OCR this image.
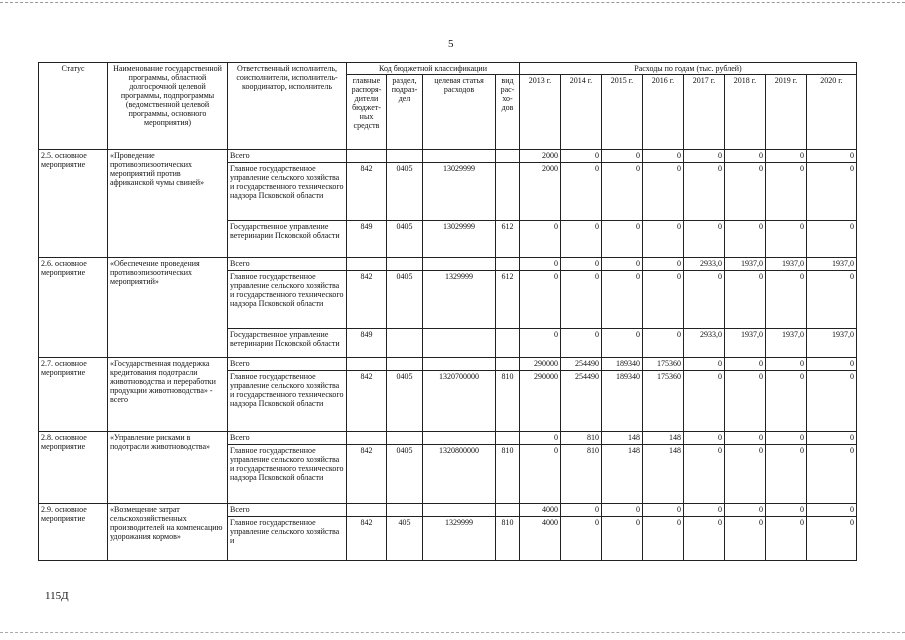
5
Статус	Наименование государственной программы, областной долгосрочной целевой программы, подпрограммы (ведомственной целевой программы, основного мероприятия)	Ответственный исполнитель, соисполнители, исполнитель-координатор, исполнитель	Код бюджетной классификации				Расходы по годам (тыс. рублей)							
			главные распоря-дители бюджет-ных средств	раздел, подраз-дел	целевая статья расходов	вид рас-хо-дов	2013 г.	2014 г.	2015 г.	2016 г.	2017 г.	2018 г.	2019 г.	2020 г.
2.5. основное мероприятие	«Проведение противоэпизоотических мероприятий против африканской чумы свиней»	Всего					2000	0	0	0	0	0	0	0
		Главное государственное управление сельского хозяйства и государственного технического надзора Псковской области	842	0405	13029999		2000	0	0	0	0	0	0	0
		Государственное управление ветеринарии Псковской области	849	0405	13029999	612	0	0	0	0	0	0	0	0
2.6. основное мероприятие	«Обеспечение проведения противоэпизоотических мероприятий»	Всего					0	0	0	0	2933,0	1937,0	1937,0	1937,0
		Главное государственное управление сельского хозяйства и государственного технического надзора Псковской области	842	0405	1329999	612	0	0	0	0	0	0	0	0
		Государственное управление ветеринарии Псковской области	849				0	0	0	0	2933,0	1937,0	1937,0	1937,0
2.7. основное мероприятие	«Государственная поддержка кредитования подотрасли животноводства и переработки продукции животноводства» - всего	Всего					290000	254490	189340	175360	0	0	0	0
		Главное государственное управление сельского хозяйства и государственного технического надзора Псковской области	842	0405	1320700000	810	290000	254490	189340	175360	0	0	0	0
2.8. основное мероприятие	«Управление рисками в подотрасли животноводства»	Всего					0	810	148	148	0	0	0	0
		Главное государственное управление сельского хозяйства и государственного технического надзора Псковской области	842	0405	1320800000	810	0	810	148	148	0	0	0	0
2.9. основное мероприятие	«Возмещение затрат сельскохозяйственных производителей на компенсацию удорожания кормов»	Всего					4000	0	0	0	0	0	0	0
		Главное государственное управление сельского хозяйства и	842	405	1329999	810	4000	0	0	0	0	0	0	0
115Д
